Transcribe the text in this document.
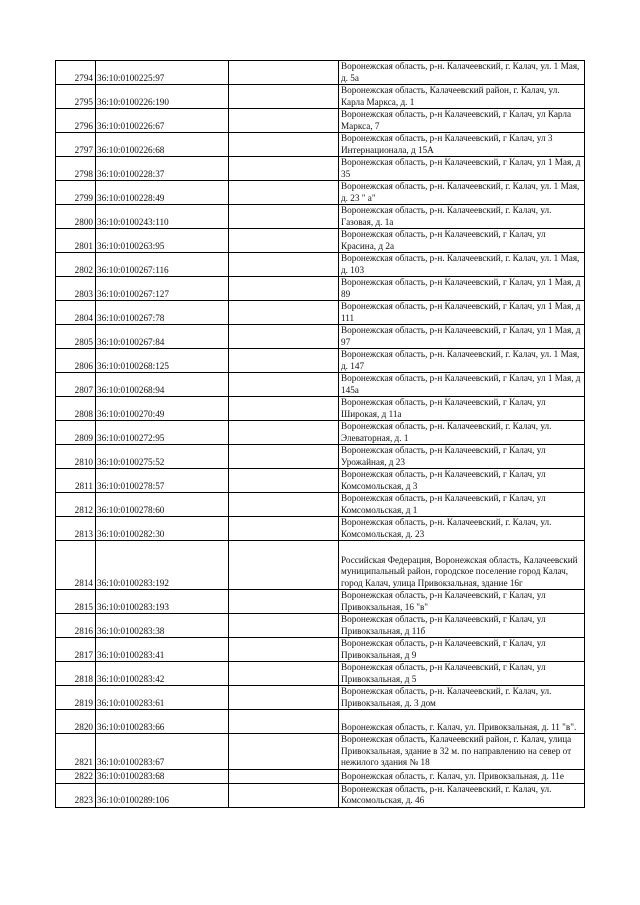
2794	36:10:0100225:97		Воронежская область, р-н. Калачеевский, г. Калач, ул. 1 Мая, д. 5а
2795	36:10:0100226:190		Воронежская область, Калачеевский район, г. Калач, ул. Карла Маркса, д. 1
2796	36:10:0100226:67		Воронежская область, р-н Калачеевский, г Калач, ул Карла Маркса, 7
2797	36:10:0100226:68		Воронежская область, р-н Калачеевский, г Калач, ул 3 Интернационала, д 15А
2798	36:10:0100228:37		Воронежская область, р-н Калачеевский, г Калач, ул 1 Мая, д 35
2799	36:10:0100228:49		Воронежская область, р-н. Калачеевский, г. Калач, ул. 1 Мая, д. 23 " а"
2800	36:10:0100243:110		Воронежская область, р-н. Калачеевский, г. Калач, ул. Газовая, д. 1а
2801	36:10:0100263:95		Воронежская область, р-н Калачеевский, г Калач, ул Красина, д 2а
2802	36:10:0100267:116		Воронежская область, р-н. Калачеевский, г. Калач, ул. 1 Мая, д. 103
2803	36:10:0100267:127		Воронежская область, р-н Калачеевский, г Калач, ул 1 Мая, д 89
2804	36:10:0100267:78		Воронежская область, р-н Калачеевский, г Калач, ул 1 Мая, д 111
2805	36:10:0100267:84		Воронежская область, р-н Калачеевский, г Калач, ул 1 Мая, д 97
2806	36:10:0100268:125		Воронежская область, р-н. Калачеевский, г. Калач, ул. 1 Мая, д. 147
2807	36:10:0100268:94		Воронежская область, р-н Калачеевский, г Калач, ул 1 Мая, д 145а
2808	36:10:0100270:49		Воронежская область, р-н Калачеевский, г Калач, ул Широкая, д 11а
2809	36:10:0100272:95		Воронежская область, р-н. Калачеевский, г. Калач, ул. Элеваторная, д. 1
2810	36:10:0100275:52		Воронежская область, р-н Калачеевский, г Калач, ул Урожайная, д 23
2811	36:10:0100278:57		Воронежская область, р-н Калачеевский, г Калач, ул Комсомольская, д 3
2812	36:10:0100278:60		Воронежская область, р-н Калачеевский, г Калач, ул Комсомольская, д 1
2813	36:10:0100282:30		Воронежская область, р-н. Калачеевский, г. Калач, ул. Комсомольская, д. 23
2814	36:10:0100283:192		Российская Федерация, Воронежская область, Калачеевский муниципальный район, городское поселение город Калач, город Калач, улица Привокзальная, здание 16г
2815	36:10:0100283:193		Воронежская область, р-н Калачеевский, г Калач, ул Привокзальная, 16 "в"
2816	36:10:0100283:38		Воронежская область, р-н Калачеевский, г Калач, ул Привокзальная, д 11б
2817	36:10:0100283:41		Воронежская область, р-н Калачеевский, г Калач, ул Привокзальная, д 9
2818	36:10:0100283:42		Воронежская область, р-н Калачеевский, г Калач, ул Привокзальная, д 5
2819	36:10:0100283:61		Воронежская область, р-н. Калачеевский, г. Калач, ул. Привокзальная, д. 3 дом
2820	36:10:0100283:66		Воронежская область, г. Калач, ул. Привокзальная, д. 11 "в".
2821	36:10:0100283:67		Воронежская область, Калачеевский район, г. Калач, улица Привокзальная, здание в 32 м. по направлению на север от нежилого здания № 18
2822	36:10:0100283:68		Воронежская область, г. Калач, ул. Привокзальная, д. 11е
2823	36:10:0100289:106		Воронежская область, р-н. Калачеевский, г. Калач, ул. Комсомольская, д. 46
